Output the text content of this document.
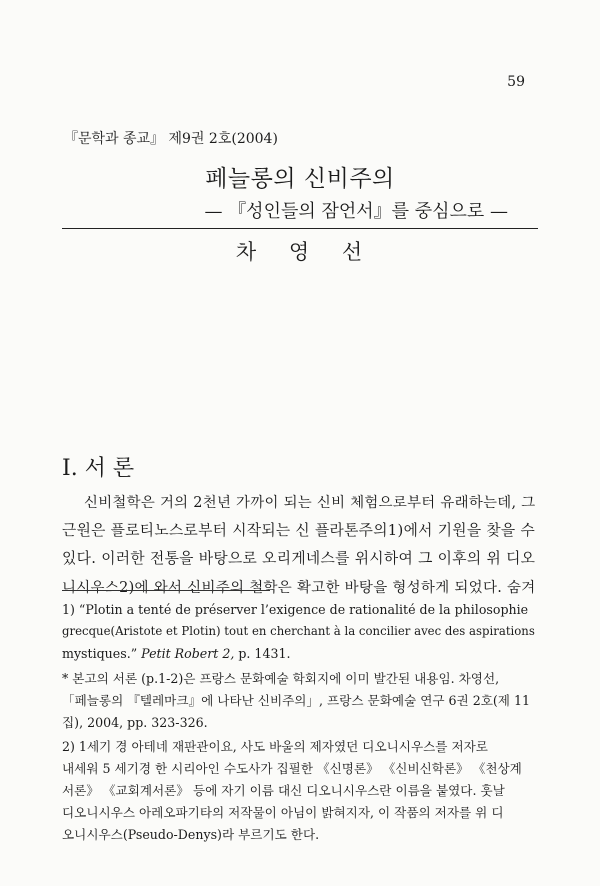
59
『문학과 종교』 제9권 2호(2004)
페늘롱의 신비주의
— 『성인들의 잠언서』를 중심으로 —
차 영 선
I. 서 론
신비철학은 거의 2천년 가까이 되는 신비 체험으로부터 유래하는데, 그
근원은 플로티노스로부터 시작되는 신 플라톤주의1)에서 기원을 찾을 수
있다. 이러한 전통을 바탕으로 오리게네스를 위시하여 그 이후의 위 디오
니시우스2)에 와서 신비주의 철학은 확고한 바탕을 형성하게 되었다. 숨겨
1) “Plotin a tenté de préserver l’exigence de rationalité de la philosophie
grecque(Aristote et Plotin) tout en cherchant à la concilier avec des aspirations
mystiques.” Petit Robert 2, p. 1431.
* 본고의 서론 (p.1-2)은 프랑스 문화예술 학회지에 이미 발간된 내용임. 차영선,
「페늘롱의 『텔레마크』에 나타난 신비주의」, 프랑스 문화예술 연구 6권 2호(제 11
집), 2004, pp. 323-326.
2) 1세기 경 아테네 재판관이요, 사도 바울의 제자였던 디오니시우스를 저자로
내세워 5 세기경 한 시리아인 수도사가 집필한 《신명론》 《신비신학론》 《천상계
서론》 《교회계서론》 등에 자기 이름 대신 디오니시우스란 이름을 붙였다. 훗날
디오니시우스 아레오파기타의 저작물이 아님이 밝혀지자, 이 작품의 저자를 위 디
오니시우스(Pseudo-Denys)라 부르기도 한다.
